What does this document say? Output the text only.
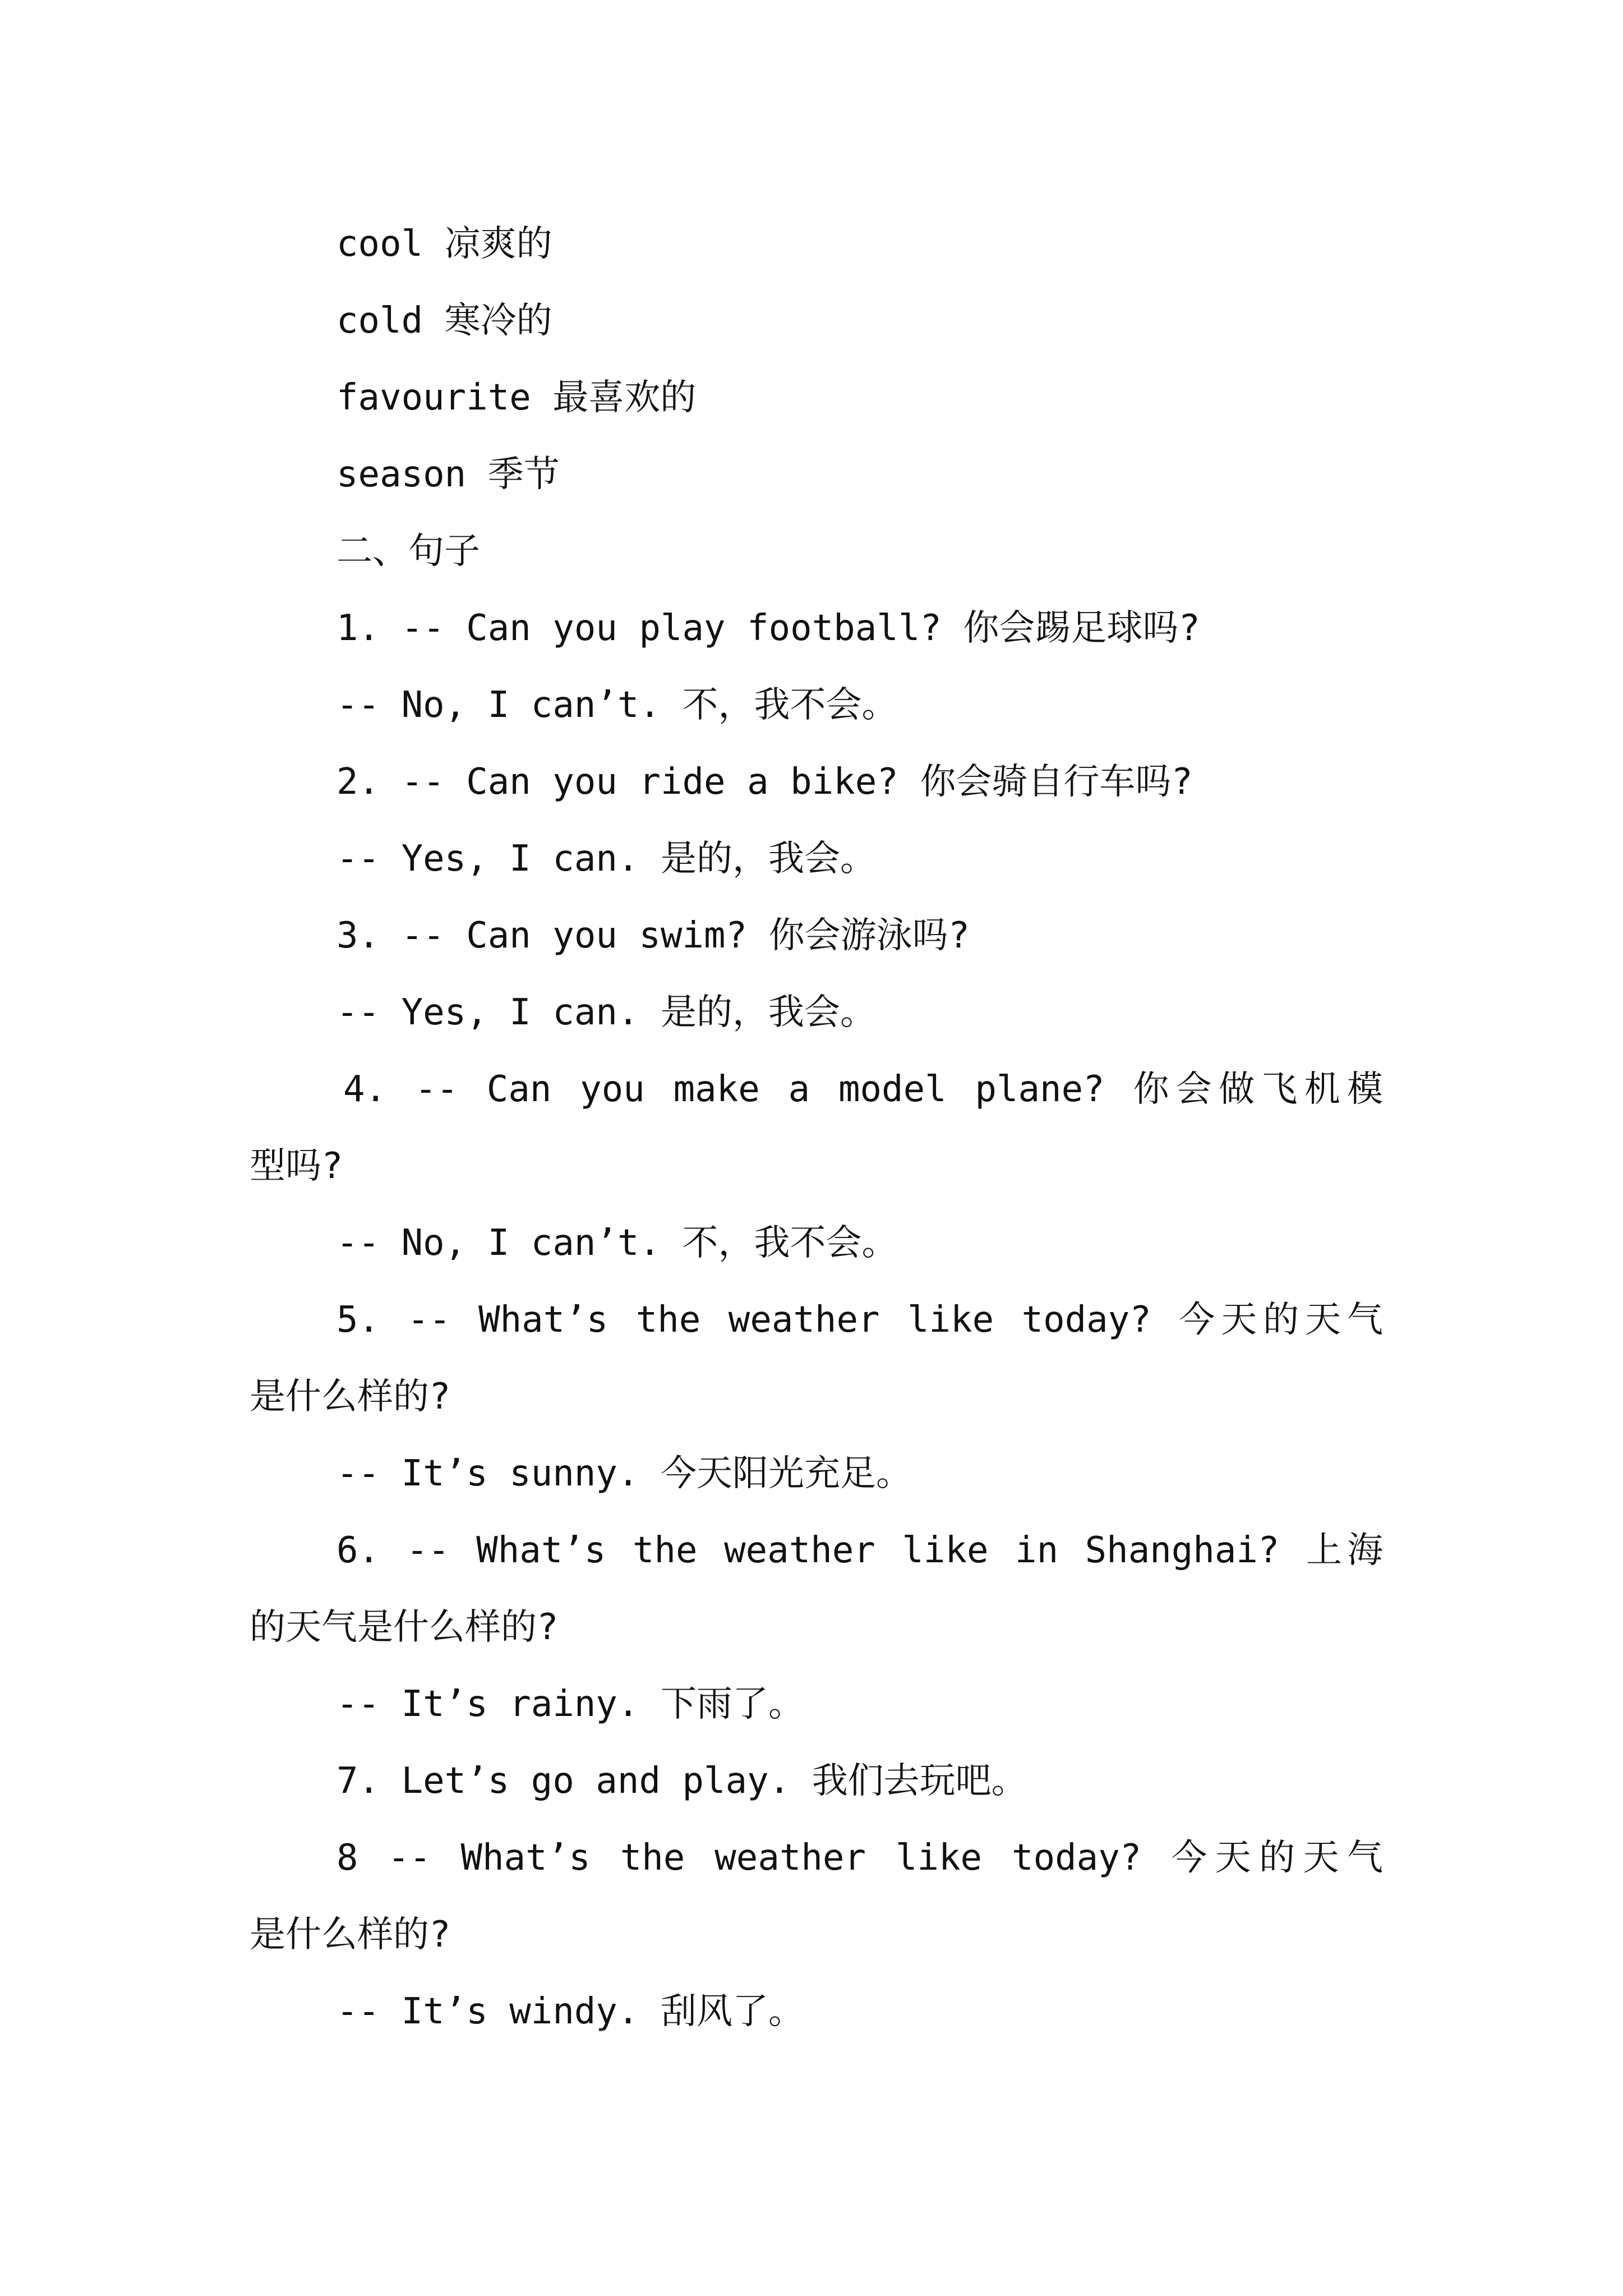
cool 凉爽的
cold 寒冷的
favourite 最喜欢的
season 季节
二、句子
1. -- Can you play football? 你会踢足球吗?
-- No, I can’t. 不，我不会。
2. -- Can you ride a bike? 你会骑自行车吗?
-- Yes, I can. 是的，我会。
3. -- Can you swim? 你会游泳吗?
-- Yes, I can. 是的，我会。
4. -- Can you make a model plane? 你会做飞机模
型吗?
-- No, I can’t. 不，我不会。
5. -- What’s the weather like today? 今天的天气
是什么样的?
-- It’s sunny. 今天阳光充足。
6. -- What’s the weather like in Shanghai? 上海
的天气是什么样的?
-- It’s rainy. 下雨了。
7. Let’s go and play. 我们去玩吧。
8 -- What’s the weather like today? 今天的天气
是什么样的?
-- It’s windy. 刮风了。
